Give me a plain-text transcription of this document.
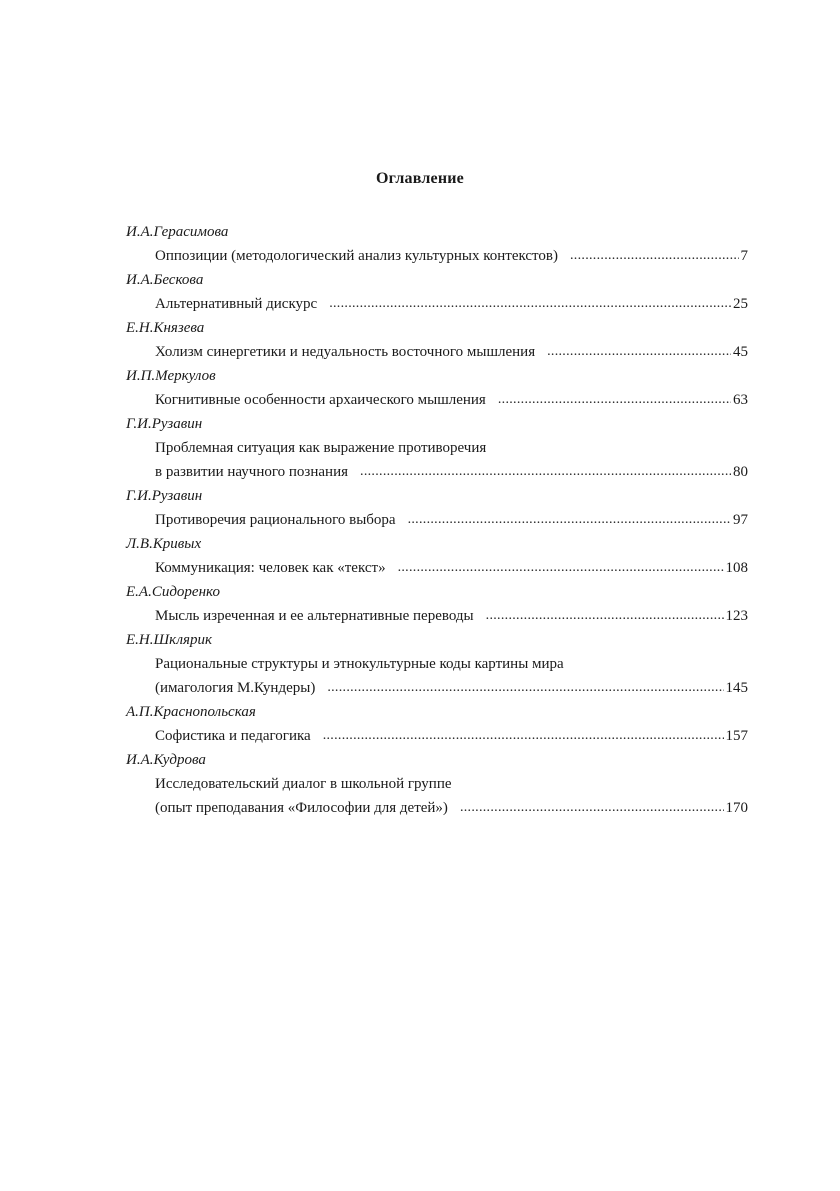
Оглавление
И.А.Герасимова
Оппозиции (методологический анализ культурных контекстов) . . .	7
И.А.Бескова
Альтернативный дискурс . . .	25
Е.Н.Князева
Холизм синергетики и недуальность восточного мышления . . .	45
И.П.Меркулов
Когнитивные особенности архаического мышления . . .	63
Г.И.Рузавин
Проблемная ситуация как выражение противоречия
в развитии научного познания . . .	80
Г.И.Рузавин
Противоречия рационального выбора . . .	97
Л.В.Кривых
Коммуникация: человек как «текст» . . .	108
Е.А.Сидоренко
Мысль изреченная и ее альтернативные переводы . . .	123
Е.Н.Шклярик
Рациональные структуры и этнокультурные коды картины мира
(имагология М.Кундеры) . . .	145
А.П.Краснопольская
Софистика и педагогика . . .	157
И.А.Кудрова
Исследовательский диалог в школьной группе
(опыт преподавания «Философии для детей») . . .	170
